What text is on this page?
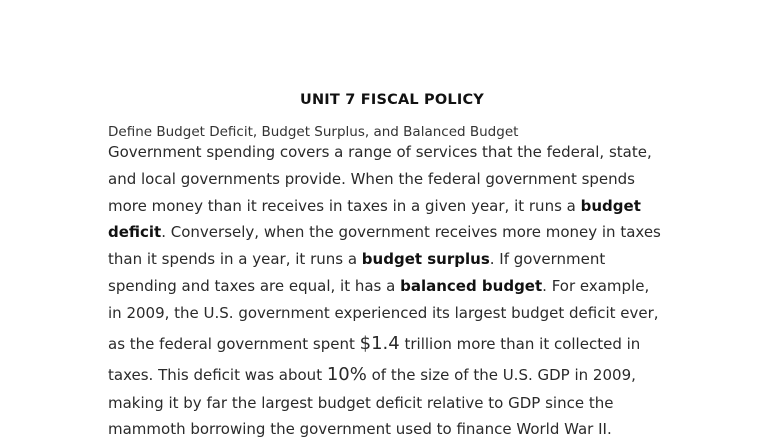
UNIT 7 FISCAL POLICY
Define Budget Deficit, Budget Surplus, and Balanced Budget
Government spending covers a range of services that the federal, state,
and local governments provide. When the federal government spends
more money than it receives in taxes in a given year, it runs a budget
deficit. Conversely, when the government receives more money in taxes
than it spends in a year, it runs a budget surplus. If government
spending and taxes are equal, it has a balanced budget. For example,
in 2009, the U.S. government experienced its largest budget deficit ever,
as the federal government spent $1.4 trillion more than it collected in
taxes. This deficit was about 10% of the size of the U.S. GDP in 2009,
making it by far the largest budget deficit relative to GDP since the
mammoth borrowing the government used to finance World War II.
